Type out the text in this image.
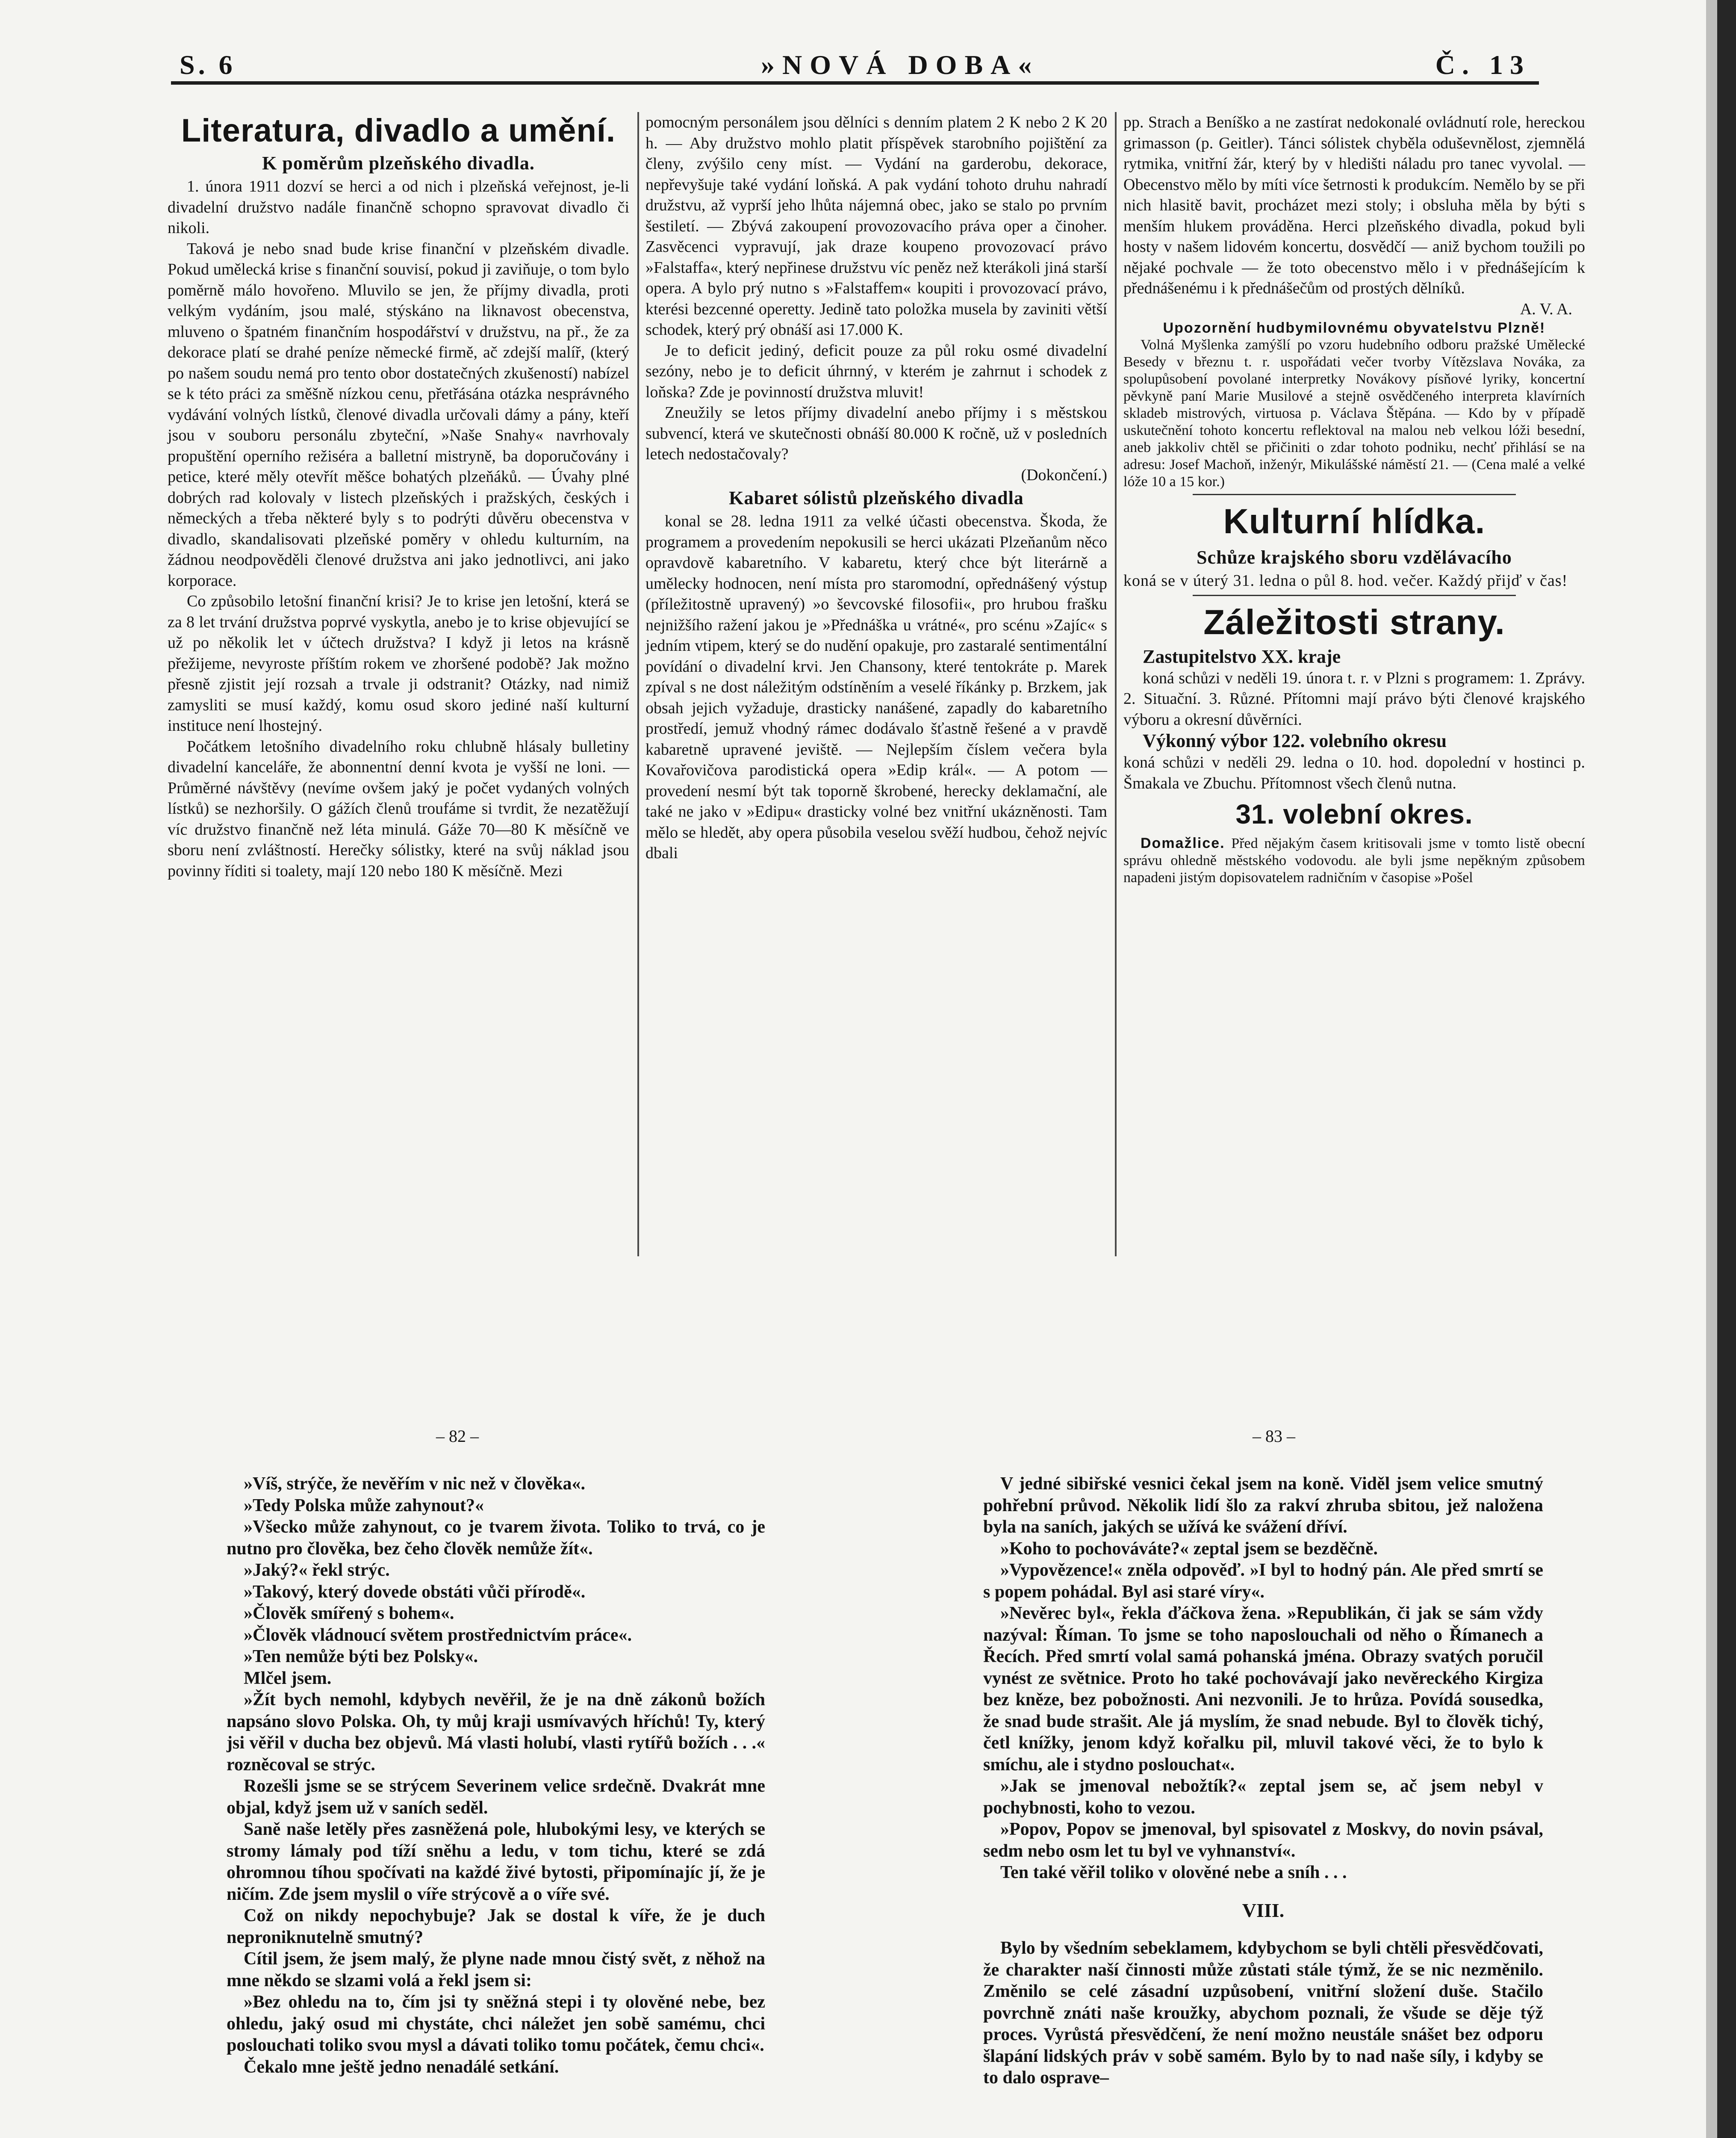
S. 6	»NOVÁ DOBA«	Č. 13
Literatura, divadlo a umění.
K poměrům plzeňského divadla.

1. února 1911 dozví se herci a od nich i plzeňská veřejnost, je-li divadelní družstvo nadále finančně schopno spravovat divadlo či nikoli.

Taková je nebo snad bude krise finanční v plzeňském divadle. Pokud umělecká krise s finanční souvisí, pokud ji zaviňuje, o tom bylo poměrně málo hovořeno. Mluvilo se jen, že příjmy divadla, proti velkým vydáním, jsou malé, stýskáno na liknavost obecenstva, mluveno o špatném finančním hospodářství v družstvu, na př., že za dekorace platí se drahé peníze německé firmě, ač zdejší malíř, (který po našem soudu nemá pro tento obor dostatečných zkušeností) nabízel se k této práci za směšně nízkou cenu, přetřásána otázka nesprávného vydávání volných lístků, členové divadla určovali dámy a pány, kteří jsou v souboru personálu zbyteční, »Naše Snahy« navrhovaly propuštění operního režiséra a balletní mistryně, ba doporučovány i petice, které měly otevřít měšce bohatých plzeňáků. — Úvahy plné dobrých rad kolovaly v listech plzeňských i pražských, českých i německých a třeba některé byly s to podrýti důvěru obecenstva v divadlo, skandalisovati plzeňské poměry v ohledu kulturním, na žádnou neodpověděli členové družstva ani jako jednotlivci, ani jako korporace.

Co způsobilo letošní finanční krisi? Je to krise jen letošní, která se za 8 let trvání družstva poprvé vyskytla, anebo je to krise objevující se už po několik let v účtech družstva? I když ji letos na krásně přežijeme, nevyroste příštím rokem ve zhoršené podobě? Jak možno přesně zjistit její rozsah a trvale ji odstranit? Otázky, nad nimiž zamysliti se musí každý, komu osud skoro jediné naší kulturní instituce není lhostejný.

Počátkem letošního divadelního roku chlubně hlásaly bulletiny divadelní kanceláře, že abonnentní denní kvota je vyšší ne loni. — Průměrné návštěvy (nevíme ovšem jaký je počet vydaných volných lístků) se nezhoršily. O gážích členů troufáme si tvrdit, že nezatěžují víc družstvo finančně než léta minulá. Gáže 70—80 K měsíčně ve sboru není zvláštností. Herečky sólistky, které na svůj náklad jsou povinny říditi si toalety, mají 120 nebo 180 K měsíčně. Mezi

pomocným personálem jsou dělníci s denním platem 2 K nebo 2 K 20 h. — Aby družstvo mohlo platit příspěvek starobního pojištění za členy, zvýšilo ceny míst. — Vydání na garderobu, dekorace, nepřevyšuje také vydání loňská. A pak vydání tohoto druhu nahradí družstvu, až vyprší jeho lhůta nájemná obec, jako se stalo po prvním šestiletí. — Zbývá zakoupení provozovacího práva oper a činoher. Zasvěcenci vypravují, jak draze koupeno provozovací právo »Falstaffa«, který nepřinese družstvu víc peněz než kterákoli jiná starší opera. A bylo prý nutno s »Falstaffem« koupiti i provozovací právo, kterési bezcenné operetty. Jedině tato položka musela by zaviniti větší schodek, který prý obnáší asi 17.000 K.

Je to deficit jediný, deficit pouze za půl roku osmé divadelní sezóny, nebo je to deficit úhrnný, v kterém je zahrnut i schodek z loňska? Zde je povinností družstva mluvit!

Zneužily se letos příjmy divadelní anebo příjmy i s městskou subvencí, která ve skutečnosti obnáší 80.000 K ročně, už v posledních letech nedostačovaly?

(Dokončení.)

Kabaret sólistů plzeňského divadla

konal se 28. ledna 1911 za velké účasti obecenstva. Škoda, že programem a provedením nepokusili se herci ukázati Plzeňanům něco opravdově kabaretního. V kabaretu, který chce být literárně a umělecky hodnocen, není místa pro staromodní, opřednášený výstup (příležitostně upravený) »o ševcovské filosofii«, pro hrubou frašku nejnižšího ražení jakou je »Přednáška u vrátné«, pro scénu »Zajíc« s jedním vtipem, který se do nudění opakuje, pro zastaralé sentimentální povídání o divadelní krvi. Jen Chansony, které tentokráte p. Marek zpíval s ne dost náležitým odstíněním a veselé říkánky p. Brzkem, jak obsah jejich vyžaduje, drasticky nanášené, zapadly do kabaretního prostředí, jemuž vhodný rámec dodávalo šťastně řešené a v pravdě kabaretně upravené jeviště. — Nejlepším číslem večera byla Kovařovičova parodistická opera »Edip král«. — A potom — provedení nesmí být tak toporně škrobené, herecky deklamační, ale také ne jako v »Edipu« drasticky volné bez vnitřní ukázněnosti. Tam mělo se hledět, aby opera působila veselou svěží hudbou, čehož nejvíc dbali

pp. Strach a Beníško a ne zastírat nedokonalé ovládnutí role, hereckou grimasson (p. Geitler). Tánci sólistek chyběla oduševnělost, zjemnělá rytmika, vnitřní žár, který by v hledišti náladu pro tanec vyvolal. — Obecenstvo mělo by míti více šetrnosti k produkcím. Nemělo by se při nich hlasitě bavit, procházet mezi stoly; i obsluha měla by býti s menším hlukem prováděna. Herci plzeňského divadla, pokud byli hosty v našem lidovém koncertu, dosvědčí — aniž bychom toužili po nějaké pochvale — že toto obecenstvo mělo i v přednášejícím k přednášenému i k přednášečům od prostých dělníků.

A. V. A.

Upozornění hudbymilovnému obyvatelstvu Plzně!

Volná Myšlenka zamýšlí po vzoru hudebního odboru pražské Umělecké Besedy v březnu t. r. uspořádati večer tvorby Vítězslava Nováka, za spolupůsobení povolané interpretky Novákovy písňové lyriky, koncertní pěvkyně paní Marie Musilové a stejně osvědčeného interpreta klavírních skladeb mistrových, virtuosa p. Václava Štěpána. — Kdo by v případě uskutečnění tohoto koncertu reflektoval na malou neb velkou lóži besední, aneb jakkoliv chtěl se přičiniti o zdar tohoto podniku, nechť přihlásí se na adresu: Josef Machoň, inženýr, Mikulášské náměstí 21. — (Cena malé a velké lóže 10 a 15 kor.)

Kulturní hlídka.
Schůze krajského sboru vzdělávacího

koná se v úterý 31. ledna o půl 8. hod. večer. Každý přijď v čas!

Záležitosti strany.

Zastupitelstvo XX. kraje

koná schůzi v neděli 19. února t. r. v Plzni s programem: 1. Zprávy. 2. Situační. 3. Různé. Přítomni mají právo býti členové krajského výboru a okresní důvěrníci.

Výkonný výbor 122. volebního okresu

koná schůzi v neděli 29. ledna o 10. hod. dopolední v hostinci p. Šmakala ve Zbuchu. Přítomnost všech členů nutna.

31. volební okres.

Domažlice. Před nějakým časem kritisovali jsme v tomto listě obecní správu ohledně městského vodovodu. ale byli jsme nepěkným způsobem napadeni jistým dopisovatelem radničním v časopise »Pošel

– 82 –	– 83 –

»Víš, strýče, že nevěřím v nic než v člověka«.

»Tedy Polska může zahynout?«

»Všecko může zahynout, co je tvarem života. Toliko to trvá, co je nutno pro člověka, bez čeho člověk nemůže žít«.

»Jaký?« řekl strýc.

»Takový, který dovede obstáti vůči přírodě«.

»Člověk smířený s bohem«.

»Člověk vládnoucí světem prostřednictvím práce«.

»Ten nemůže býti bez Polsky«.

Mlčel jsem.

»Žít bych nemohl, kdybych nevěřil, že je na dně zákonů božích napsáno slovo Polska. Oh, ty můj kraji usmívavých hříchů! Ty, který jsi věřil v ducha bez objevů. Má vlasti holubí, vlasti rytířů božích . . .« rozněcoval se strýc.

Rozešli jsme se se strýcem Severinem velice srdečně. Dvakrát mne objal, když jsem už v saních seděl.

Saně naše letěly přes zasněžená pole, hlubokými lesy, ve kterých se stromy lámaly pod tíží sněhu a ledu, v tom tichu, které se zdá ohromnou tíhou spočívati na každé živé bytosti, připomínajíc jí, že je ničím. Zde jsem myslil o víře strýcově a o víře své.

Což on nikdy nepochybuje? Jak se dostal k víře, že je duch neproniknutelně smutný?

Cítil jsem, že jsem malý, že plyne nade mnou čistý svět, z něhož na mne někdo se slzami volá a řekl jsem si:

»Bez ohledu na to, čím jsi ty sněžná stepi i ty olověné nebe, bez ohledu, jaký osud mi chystáte, chci náležet jen sobě samému, chci poslouchati toliko svou mysl a dávati toliko tomu počátek, čemu chci«.

Čekalo mne ještě jedno nenadálé setkání.

V jedné sibiřské vesnici čekal jsem na koně. Viděl jsem velice smutný pohřební průvod. Několik lidí šlo za rakví zhruba sbitou, jež naložena byla na saních, jakých se užívá ke svážení dříví.

»Koho to pochováváte?« zeptal jsem se bezděčně.

»Vypovězence!« zněla odpověď. »I byl to hodný pán. Ale před smrtí se s popem pohádal. Byl asi staré víry«.

»Nevěrec byl«, řekla ďáčkova žena. »Republikán, či jak se sám vždy nazýval: Říman. To jsme se toho naposlouchali od něho o Římanech a Řecích. Před smrtí volal samá pohanská jména. Obrazy svatých poručil vynést ze světnice. Proto ho také pochovávají jako nevěreckého Kirgiza bez kněze, bez pobožnosti. Ani nezvonili. Je to hrůza. Povídá sousedka, že snad bude strašit. Ale já myslím, že snad nebude. Byl to člověk tichý, četl knížky, jenom když kořalku pil, mluvil takové věci, že to bylo k smíchu, ale i stydno poslouchat«.

»Jak se jmenoval nebožtík?« zeptal jsem se, ač jsem nebyl v pochybnosti, koho to vezou.

»Popov, Popov se jmenoval, byl spisovatel z Moskvy, do novin psával, sedm nebo osm let tu byl ve vyhnanství«.

Ten také věřil toliko v olověné nebe a sníh . . .

VIII.

Bylo by všedním sebeklamem, kdybychom se byli chtěli přesvědčovati, že charakter naší činnosti může zůstati stále týmž, že se nic nezměnilo. Změnilo se celé zásadní uzpůsobení, vnitřní složení duše. Stačilo povrchně znáti naše kroužky, abychom poznali, že všude se děje týž proces. Vyrůstá přesvědčení, že není možno neustále snášet bez odporu šlapání lidských práv v sobě samém. Bylo by to nad naše síly, i kdyby se to dalo osprave–
